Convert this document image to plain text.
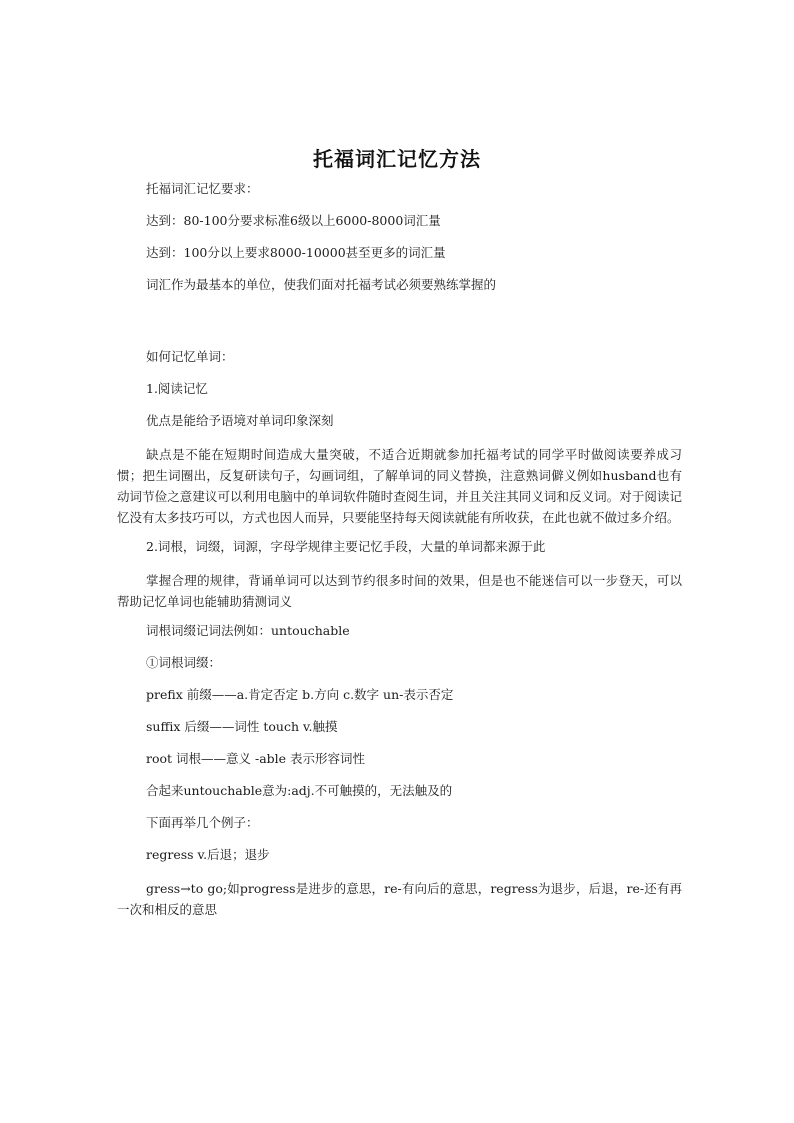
托福词汇记忆方法

托福词汇记忆要求：

达到：80-100分要求标准6级以上6000-8000词汇量

达到：100分以上要求8000-10000甚至更多的词汇量

词汇作为最基本的单位，使我们面对托福考试必须要熟练掌握的

如何记忆单词：

1.阅读记忆

优点是能给予语境对单词印象深刻

缺点是不能在短期时间造成大量突破，不适合近期就参加托福考试的同学平时做阅读要养成习惯；把生词圈出，反复研读句子，勾画词组，了解单词的同义替换，注意熟词僻义例如husband也有动词节俭之意建议可以利用电脑中的单词软件随时查阅生词，并且关注其同义词和反义词。对于阅读记忆没有太多技巧可以，方式也因人而异，只要能坚持每天阅读就能有所收获，在此也就不做过多介绍。

2.词根，词缀，词源，字母学规律主要记忆手段，大量的单词都来源于此

掌握合理的规律，背诵单词可以达到节约很多时间的效果，但是也不能迷信可以一步登天，可以帮助记忆单词也能辅助猜测词义

词根词缀记词法例如：untouchable

①词根词缀：

prefix 前缀——a.肯定否定 b.方向 c.数字 un-表示否定

suffix 后缀——词性 touch v.触摸

root 词根——意义 -able 表示形容词性

合起来untouchable意为:adj.不可触摸的，无法触及的

下面再举几个例子：

regress v.后退；退步

gress→to go;如progress是进步的意思，re-有向后的意思，regress为退步，后退，re-还有再一次和相反的意思
